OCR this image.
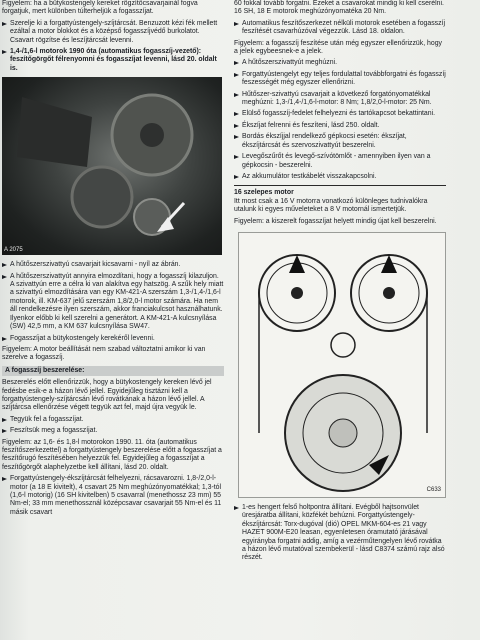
Figyelem: ha a bütykostengely kereket rögzítőcsavarjainál fogva forgatjuk, mert különben túlterheljük a fogasszíjat.

Szerelje ki a forgattyústengely-szíjtárcsát. Benzuzott kézi fék mellett ezáltal a motor blokkot és a középső fogasszíjvédő burkolatot. Csavart rögzítse és leszíjtárcsát levenni.

1,4-/1,6-l motorok 1990 óta (automatikus fogasszíj-vezető): feszítőgörgőt félrenyomni és fogasszíjat levenni, lásd 20. oldalt is.

A 2075

A hűtőszerszivattyú csavarjait kicsavarni - nyíl az ábrán.

A hűtőszerszivattyút annyira elmozdítani, hogy a fogasszíj kilazuljon. A szivattyún erre a célra ki van alakítva egy hatszög. A szűk hely miatt a szivattyú elmozdítására van egy KM-421-A szerszám 1,3-/1,4-/1,6-l motorok, ill. KM-637 jelű szerszám 1,8/2,0-l motor számára. Ha nem áll rendelkezésre ilyen szerszám, akkor franciakulcsot használhatunk. Ilyenkor előbb ki kell szerelni a generátort. A KM-421-A kulcsnyílása (SW) 42,5 mm, a KM 637 kulcsnyílása SW47.

Fogasszíjat a bütykostengely kerekéről levenni.

Figyelem: A motor beállítását nem szabad változtatni amikor ki van szerelve a fogasszíj.

A fogasszíj beszerelése:

Beszerelés előtt ellenőrizzük, hogy a bütykostengely kereken lévő jel fedésbe esik-e a házon lévő jellel. Egyidejűleg tisztázni kell a forgattyústengely-szíjtárcsán lévő rovátkának a házon lévő jellel. A szíjtárcsa ellenőrzése végett tegyük azt fel, majd újra vegyük le.

Tegyük fel a fogasszíjat.

Feszítsük meg a fogasszíjat.

Figyelem: az 1,6- és 1,8-l motorokon 1990. 11. óta (automatikus feszítőszerkezettel) a forgattyústengely beszerelése előtt a fogasszíjat a feszítőrugó feszítésében helyezzük fel. Egyidejűleg a fogasszíjat a feszítőgörgőt alaphelyzetbe kell állítani, lásd 20. oldalt.

Forgattyústengely-ékszíjtárcsát felhelyezni, rácsavarozni. 1,8-/2,0-l-motor (a 18 E kivitelt), 4 csavart 25 Nm meghúzónyomatékkal; 1,3-tól (1,6-l motorig) (16 SH kivitelben) 5 csavarral (menethossz 23 mm) 55 Nm-el; 33 mm menethossznál középcsavar csavarjait 55 Nm-el és 11 másik csavart

60 fokkal tovább forgatni. Ezeket a csavarokat mindig ki kell cserélni. 16 SH, 18 E motorok meghúzónyomatéka 20 Nm.

Automatikus feszítőszerkezet nélküli motorok esetében a fogasszíj feszítését csavarhúzóval végezzük. Lásd 18. oldalon.

Figyelem: a fogasszíj feszítése után még egyszer ellenőrizzük, hogy a jelek egybeesnek-e a jelek.

A hűtőszerszivattyút meghúzni.

Forgattyústengelyt egy teljes fordulattal továbbforgatni és fogasszíj feszességét még egyszer ellenőrizni.

Hűtőszer-szivattyú csavarjait a következő forgatónyomatékkal meghúzni: 1,3-/1,4-/1,6-l-motor: 8 Nm; 1,8/2,0-l-motor: 25 Nm.

Elülső fogasszíj-fedelet felhelyezni és tartókapcsot bekattintani.

Ékszíjat felrenni és feszíteni, lásd 250. oldalt.

Bordás ékszíjjal rendelkező gépkocsi esetén: ékszíjat, ékszíjtárcsát és szervoszivattyút beszerelni.

Levegőszűrőt és levegő-szívótömlőt - amennyiben ilyen van a gépkocsin - beszerelni.

Az akkumulátor testkábelét visszakapcsolni.

16 szelepes motor

Itt most csak a 16 V motorra vonatkozó különleges tudnivalókra utalunk ki egyes műveleteket a 8 V motornál ismertetjük.

Figyelem: a kiszerelt fogasszíjat helyett mindig újat kell beszerelni.

C633

1-es hengert felső holtpontra állítani. Evégből hajtsonvület üresjáratba állítani, közfékét behúzni. Forgattyústengely-ékszíjtárcsát: Torx-dugóval (dió) OPEL MKM-604-es 21 vagy HAZET 900M-E20 leasan, egyenletesen óramutató járásával egyirányba forgatni addig, amíg a vezérműtengelyen lévő rovátka a házon lévő mutatóval szembekerül - lásd C8374 számú rajz alsó részét.
